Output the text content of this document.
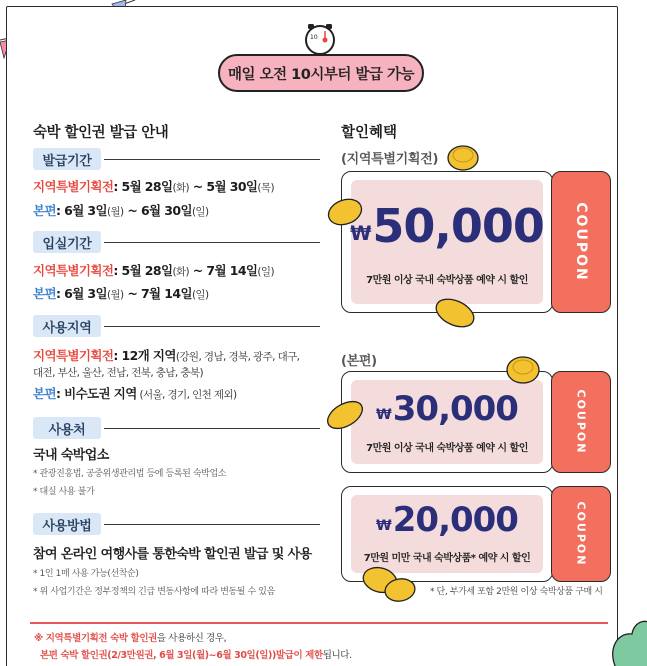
10
매일 오전 10시부터 발급 가능
숙박 할인권 발급 안내
발급기간
지역특별기획전: 5월 28일(화) ~ 5월 30일(목)
본편: 6월 3일(월) ~ 6월 30일(일)
입실기간
지역특별기획전: 5월 28일(화) ~ 7월 14일(일)
본편: 6월 3일(월) ~ 7월 14일(일)
사용지역
지역특별기획전: 12개 지역(강원, 경남, 경북, 광주, 대구,
대전, 부산, 울산, 전남, 전북, 충남, 충북)
본편: 비수도권 지역 (서울, 경기, 인천 제외)
사용처
국내 숙박업소
* 관광진흥법, 공중위생관리법 등에 등록된 숙박업소
* 대실 사용 불가
사용방법
참여 온라인 여행사를 통한숙박 할인권 발급 및 사용
* 1인 1매 사용 가능(선착순)
* 위 사업기간은 정부정책의 긴급 변동사항에 따라 변동될 수 있음
할인혜택
(지역특별기획전)
COUPON
₩50,000
7만원 이상 국내 숙박상품 예약 시 할인
(본편)
COUPON
₩30,000
7만원 이상 국내 숙박상품 예약 시 할인
COUPON
₩20,000
7만원 미만 국내 숙박상품* 예약 시 할인
* 단, 부가세 포함 2만원 이상 숙박상품 구매 시
※ 지역특별기획전 숙박 할인권을 사용하신 경우,
본편 숙박 할인권(2/3만원권, 6월 3일(월)~6월 30일(일))발급이 제한됩니다.
